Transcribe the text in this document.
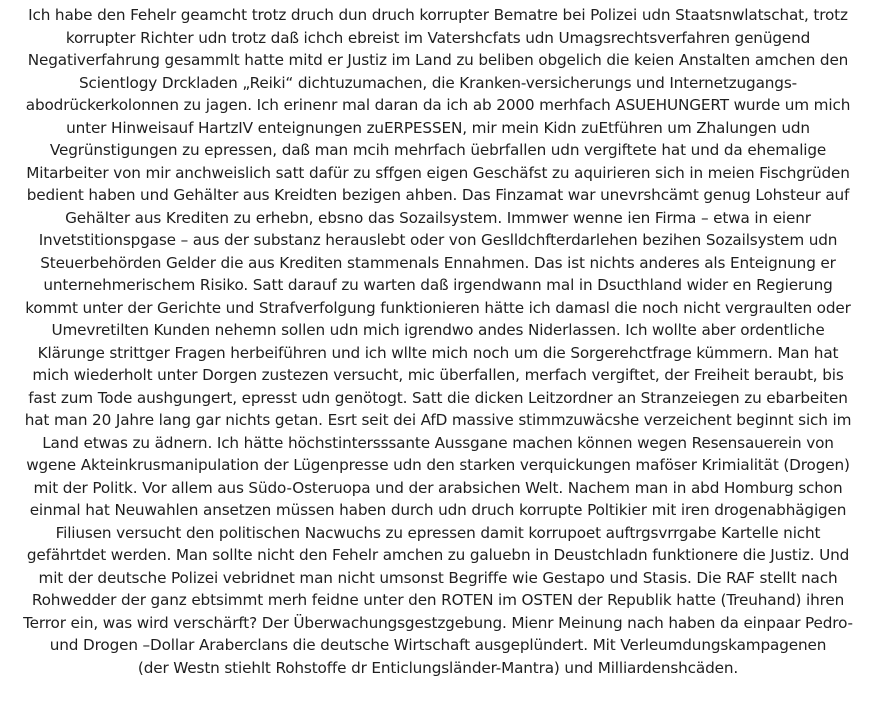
Ich habe den Fehelr geamcht trotz druch dun druch korrupter Bematre bei Polizei udn Staatsnwlatschat, trotz
korrupter Richter udn trotz daß ichch ebreist im Vatershcfats udn Umagsrechtsverfahren genügend
Negativerfahrung gesammlt hatte mitd er Justiz im Land zu beliben obgelich die keien Anstalten amchen den
Scientlogy Drckladen „Reiki“ dichtuzumachen, die Kranken-versicherungs und Internetzugangs-
abodrückerkolonnen zu jagen. Ich erinenr mal daran da ich ab 2000 merhfach ASUEHUNGERT wurde um mich
unter Hinweisauf HartzIV enteignungen zuERPESSEN, mir mein Kidn zuEtführen um Zhalungen udn
Vegrünstigungen zu epressen, daß man mcih mehrfach üebrfallen udn vergiftete hat und da ehemalige
Mitarbeiter von mir anchweislich satt dafür zu sffgen eigen Geschäfst zu aquirieren sich in meien Fischgrüden
bedient haben und Gehälter aus Kreidten bezigen ahben. Das Finzamat war unevrshcämt genug Lohsteur auf
Gehälter aus Krediten zu erhebn, ebsno das Sozailsystem. Immwer wenne ien Firma – etwa in eienr
Invetstitionspgase – aus der substanz herauslebt oder von Geslldchfterdarlehen bezihen Sozailsystem udn
Steuerbehörden Gelder die aus Krediten stammenals Ennahmen. Das ist nichts anderes als Enteignung er
unternehmerischem Risiko. Satt darauf zu warten daß irgendwann mal in Dsucthland wider en Regierung
kommt unter der Gerichte und Strafverfolgung funktionieren hätte ich damasl die noch nicht vergraulten oder
Umevretilten Kunden nehemn sollen udn mich igrendwo andes Niderlassen. Ich wollte aber ordentliche
Klärunge strittger Fragen herbeiführen und ich wllte mich noch um die Sorgerehctfrage kümmern. Man hat
mich wiederholt unter Dorgen zustezen versucht, mic überfallen, merfach vergiftet, der Freiheit beraubt, bis
fast zum Tode aushgungert, epresst udn genötogt. Satt die dicken Leitzordner an Stranzeiegen zu ebarbeiten
hat man 20 Jahre lang gar nichts getan. Esrt seit dei AfD massive stimmzuwäcshe verzeichent beginnt sich im
Land etwas zu ädnern. Ich hätte höchstintersssante Aussgane machen können wegen Resensauerein von
wgene Akteinkrusmanipulation der Lügenpresse udn den starken verquickungen maföser Krimialität (Drogen)
mit der Politk. Vor allem aus Südo-Osteruopa und der arabsichen Welt. Nachem man in abd Homburg schon
einmal hat Neuwahlen ansetzen müssen haben durch udn druch korrupte Poltikier mit iren drogenabhägigen
Filiusen versucht den politischen Nacwuchs zu epressen damit korrupoet auftrgsvrrgabe Kartelle nicht
gefährtdet werden. Man sollte nicht den Fehelr amchen zu galuebn in Deustchladn funktionere die Justiz. Und
mit der deutsche Polizei vebridnet man nicht umsonst Begriffe wie Gestapo und Stasis. Die RAF stellt nach
Rohwedder der ganz ebtsimmt merh feidne unter den ROTEN im OSTEN der Republik hatte (Treuhand) ihren
Terror ein, was wird verschärft? Der Überwachungsgestzgebung. Mienr Meinung nach haben da einpaar Pedro-
und Drogen –Dollar Araberclans die deutsche Wirtschaft ausgeplündert. Mit Verleumdungskampagenen
(der Westn stiehlt Rohstoffe dr Enticlungsländer-Mantra) und Milliardenshcäden.
